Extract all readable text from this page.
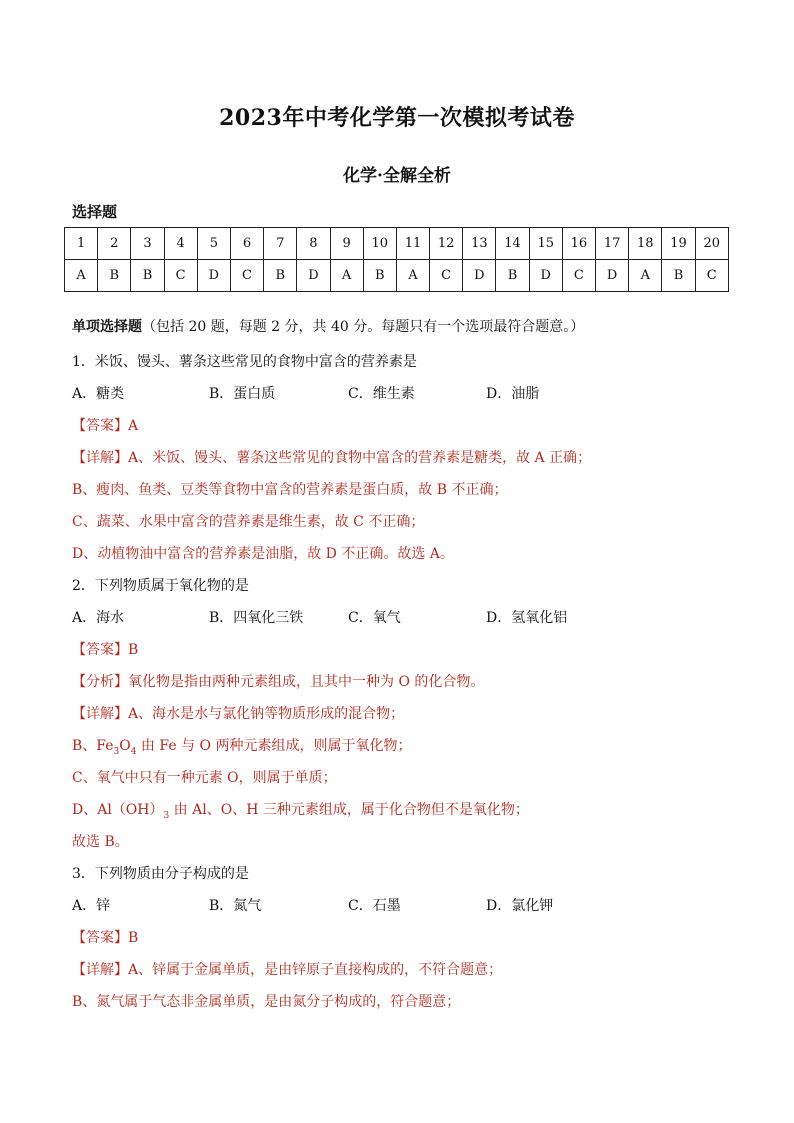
2023年中考化学第一次模拟考试卷
化学·全解全析
选择题
1	2	3	4	5	6	7	8	9	10	11	12	13	14	15	16	17	18	19	20
A	B	B	C	D	C	B	D	A	B	A	C	D	B	D	C	D	A	B	C
单项选择题（包括 20 题，每题 2 分，共 40 分。每题只有一个选项最符合题意。）
1．米饭、馒头、薯条这些常见的食物中富含的营养素是
A．糖类	B．蛋白质	C．维生素	D．油脂
【答案】A
【详解】A、米饭、馒头、薯条这些常见的食物中富含的营养素是糖类，故 A 正确；
B、瘦肉、鱼类、豆类等食物中富含的营养素是蛋白质，故 B 不正确；
C、蔬菜、水果中富含的营养素是维生素，故 C 不正确；
D、动植物油中富含的营养素是油脂，故 D 不正确。故选 A。
2．下列物质属于氧化物的是
A．海水	B．四氧化三铁	C．氧气	D．氢氧化铝
【答案】B
【分析】氧化物是指由两种元素组成，且其中一种为 O 的化合物。
【详解】A、海水是水与氯化钠等物质形成的混合物；
B、$Fe_3O_4$ 由 Fe 与 O 两种元素组成，则属于氧化物；
C、氧气中只有一种元素 O，则属于单质；
D、$Al(OH)_3$ 由 Al、O、H 三种元素组成，属于化合物但不是氧化物；
故选 B。
3．下列物质由分子构成的是
A．锌	B．氮气	C．石墨	D．氯化钾
【答案】B
【详解】A、锌属于金属单质，是由锌原子直接构成的，不符合题意；
B、氮气属于气态非金属单质，是由氮分子构成的，符合题意；
